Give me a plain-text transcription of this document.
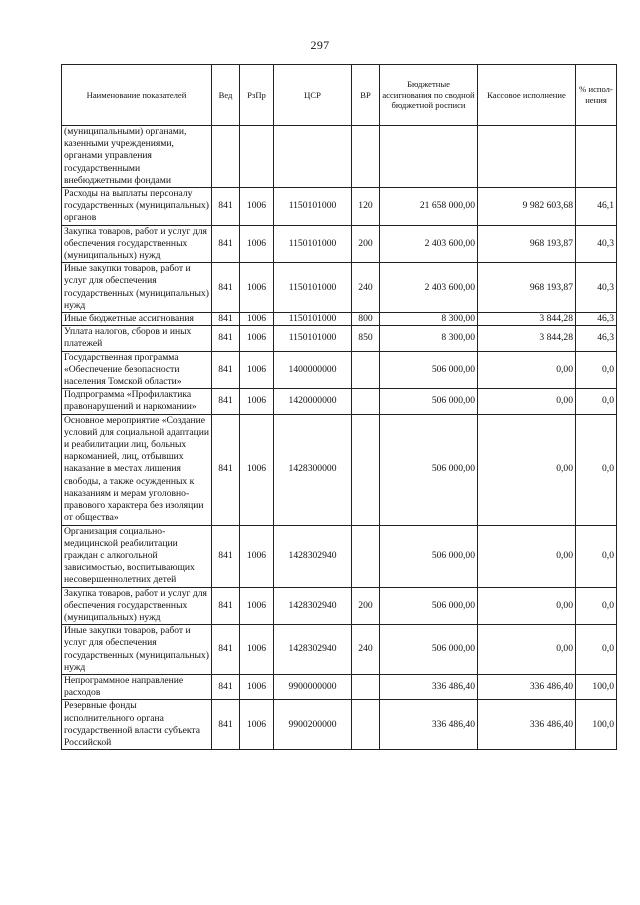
297
Наименование показателей	Вед	РзПр	ЦСР	ВР	Бюджетные ассигнования по сводной бюджетной росписи	Кассовое исполнение	% испол-нения
(муниципальными) органами, казенными учреждениями, органами управления государственными внебюджетными фондами							
Расходы на выплаты персоналу государственных (муниципальных) органов	841	1006	1150101000	120	21 658 000,00	9 982 603,68	46,1
Закупка товаров, работ и услуг для обеспечения государственных (муниципальных) нужд	841	1006	1150101000	200	2 403 600,00	968 193,87	40,3
Иные закупки товаров, работ и услуг для обеспечения государственных (муниципальных) нужд	841	1006	1150101000	240	2 403 600,00	968 193,87	40,3
Иные бюджетные ассигнования	841	1006	1150101000	800	8 300,00	3 844,28	46,3
Уплата налогов, сборов и иных платежей	841	1006	1150101000	850	8 300,00	3 844,28	46,3
Государственная программа «Обеспечение безопасности населения Томской области»	841	1006	1400000000		506 000,00	0,00	0,0
Подпрограмма «Профилактика правонарушений и наркомании»	841	1006	1420000000		506 000,00	0,00	0,0
Основное мероприятие «Создание условий для социальной адаптации и реабилитации лиц, больных наркоманией, лиц, отбывших наказание в местах лишения свободы, а также осужденных к наказаниям и мерам уголовно-правового характера без изоляции от общества»	841	1006	1428300000		506 000,00	0,00	0,0
Организация социально-медицинской реабилитации граждан с алкогольной зависимостью, воспитывающих несовершеннолетних детей	841	1006	1428302940		506 000,00	0,00	0,0
Закупка товаров, работ и услуг для обеспечения государственных (муниципальных) нужд	841	1006	1428302940	200	506 000,00	0,00	0,0
Иные закупки товаров, работ и услуг для обеспечения государственных (муниципальных) нужд	841	1006	1428302940	240	506 000,00	0,00	0,0
Непрограммное направление расходов	841	1006	9900000000		336 486,40	336 486,40	100,0
Резервные фонды исполнительного органа государственной власти субъекта Российской	841	1006	9900200000		336 486,40	336 486,40	100,0
